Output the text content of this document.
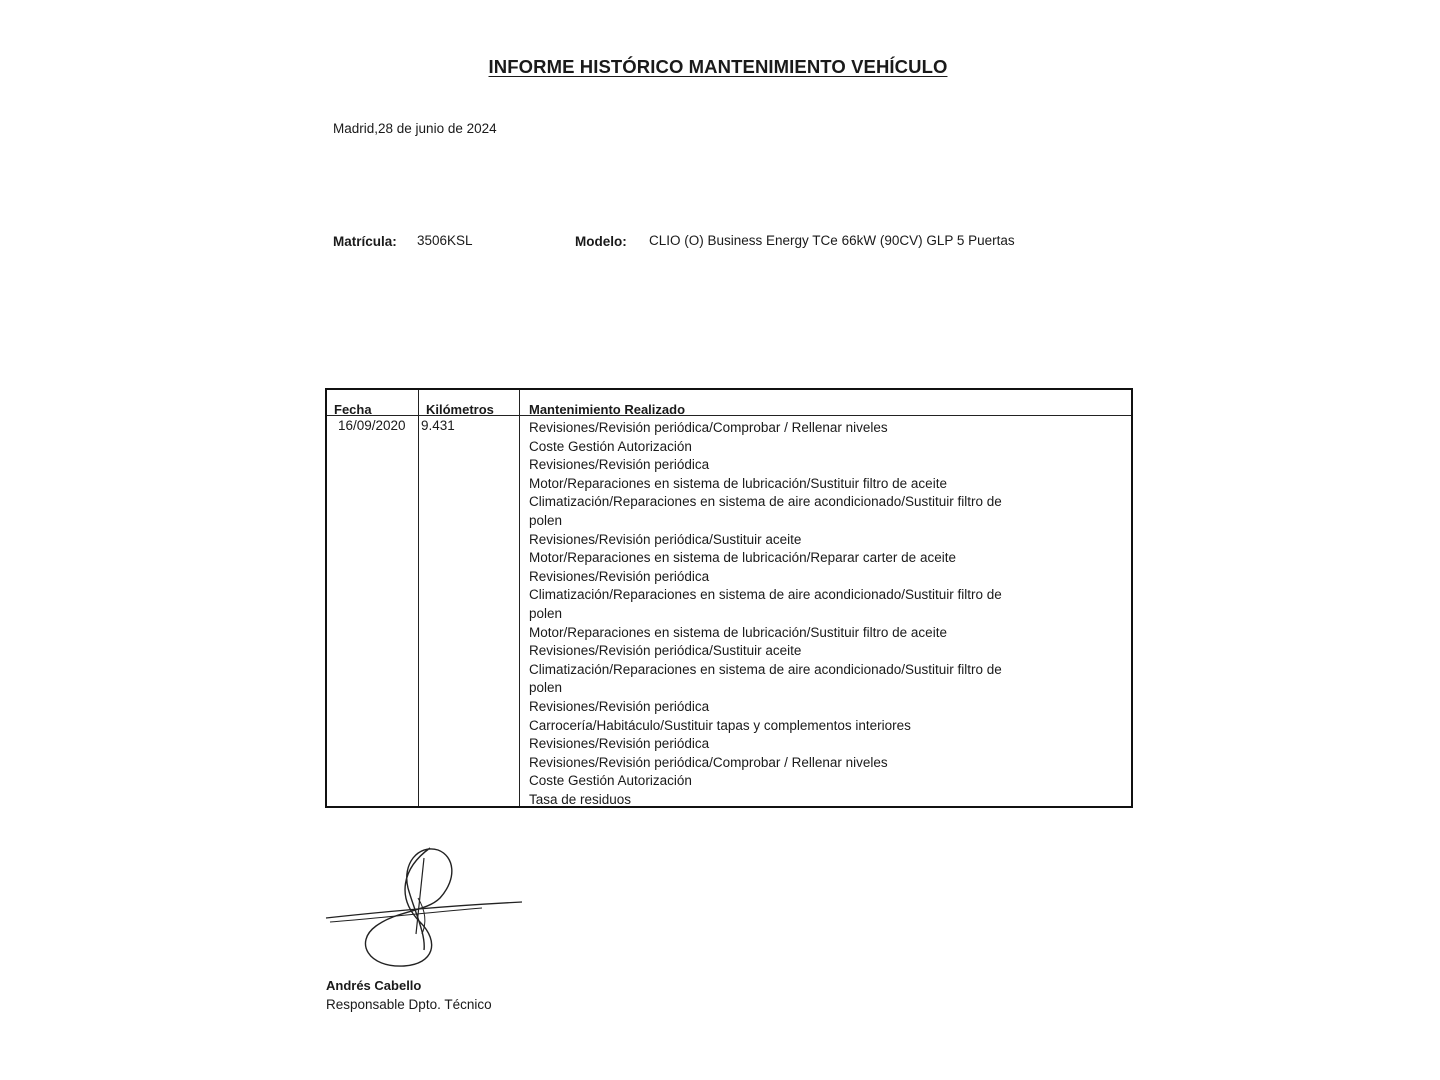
INFORME HISTÓRICO MANTENIMIENTO VEHÍCULO
Madrid,28 de junio de 2024
Matrícula: 3506KSL	Modelo: CLIO (O) Business Energy TCe 66kW (90CV) GLP 5 Puertas
Fecha	Kilómetros	Mantenimiento Realizado
16/09/2020 9.431	Revisiones/Revisión periódica/Comprobar / Rellenar niveles
Coste Gestión Autorización
Revisiones/Revisión periódica
Motor/Reparaciones en sistema de lubricación/Sustituir filtro de aceite
Climatización/Reparaciones en sistema de aire acondicionado/Sustituir filtro de polen
Revisiones/Revisión periódica/Sustituir aceite
Motor/Reparaciones en sistema de lubricación/Reparar carter de aceite
Revisiones/Revisión periódica
Climatización/Reparaciones en sistema de aire acondicionado/Sustituir filtro de polen
Motor/Reparaciones en sistema de lubricación/Sustituir filtro de aceite
Revisiones/Revisión periódica/Sustituir aceite
Climatización/Reparaciones en sistema de aire acondicionado/Sustituir filtro de polen
Revisiones/Revisión periódica
Carrocería/Habitáculo/Sustituir tapas y complementos interiores
Revisiones/Revisión periódica
Revisiones/Revisión periódica/Comprobar / Rellenar niveles
Coste Gestión Autorización
Tasa de residuos
Andrés Cabello
Responsable Dpto. Técnico
